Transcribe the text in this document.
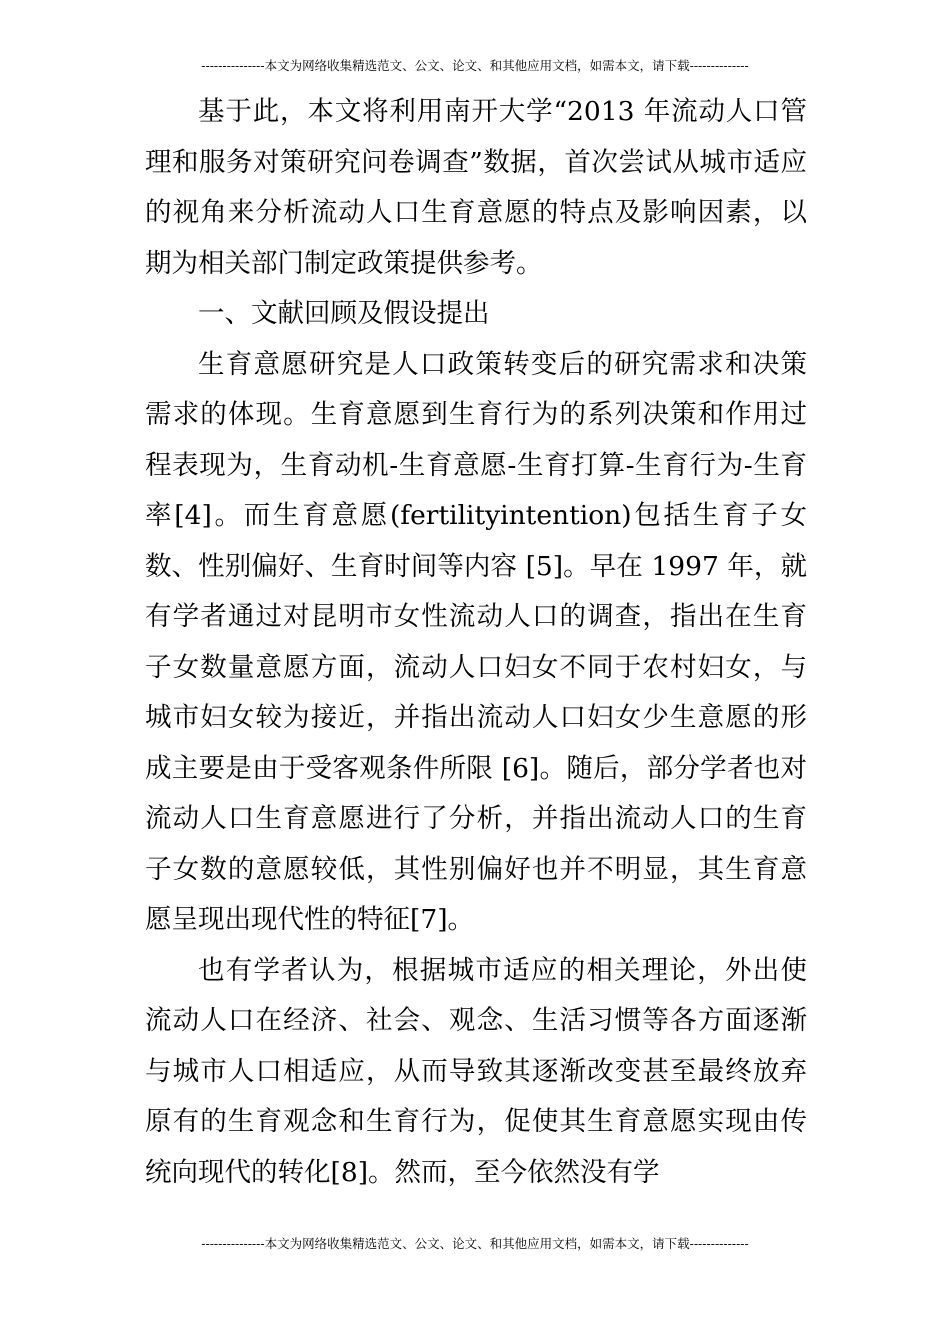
---------------本文为网络收集精选范文、公文、论文、和其他应用文档，如需本文，请下载--------------

基于此，本文将利用南开大学“2013 年流动人口管理和服务对策研究问卷调查”数据，首次尝试从城市适应的视角来分析流动人口生育意愿的特点及影响因素，以期为相关部门制定政策提供参考。

一、文献回顾及假设提出

生育意愿研究是人口政策转变后的研究需求和决策需求的体现。生育意愿到生育行为的系列决策和作用过程表现为，生育动机-生育意愿-生育打算-生育行为-生育率[4]。而生育意愿(fertilityintention)包括生育子女数、性别偏好、生育时间等内容 [5]。早在 1997 年，就有学者通过对昆明市女性流动人口的调查，指出在生育子女数量意愿方面，流动人口妇女不同于农村妇女，与城市妇女较为接近，并指出流动人口妇女少生意愿的形成主要是由于受客观条件所限 [6]。随后，部分学者也对流动人口生育意愿进行了分析，并指出流动人口的生育子女数的意愿较低，其性别偏好也并不明显，其生育意愿呈现出现代性的特征[7]。

也有学者认为，根据城市适应的相关理论，外出使流动人口在经济、社会、观念、生活习惯等各方面逐渐与城市人口相适应，从而导致其逐渐改变甚至最终放弃原有的生育观念和生育行为，促使其生育意愿实现由传统向现代的转化[8]。然而，至今依然没有学

---------------本文为网络收集精选范文、公文、论文、和其他应用文档，如需本文，请下载--------------
